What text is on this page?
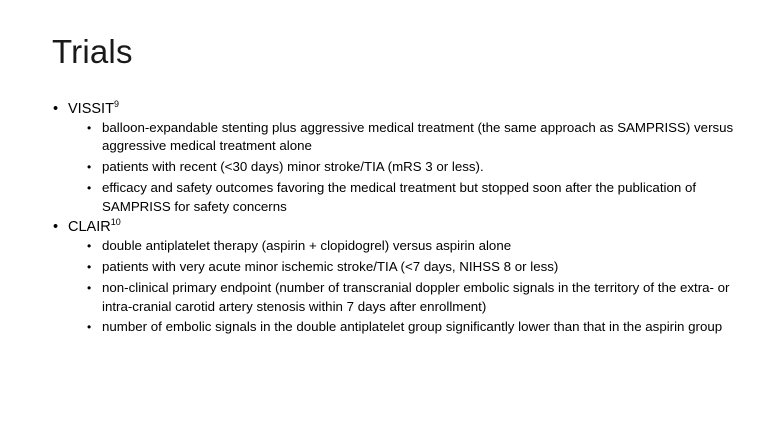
Trials
• VISSIT$^9$
• balloon-expandable stenting plus aggressive medical treatment (the same approach as SAMPRISS) versus aggressive medical treatment alone
• patients with recent (<30 days) minor stroke/TIA (mRS 3 or less).
• efficacy and safety outcomes favoring the medical treatment but stopped soon after the publication of SAMPRISS for safety concerns
• CLAIR$^{10}$
• double antiplatelet therapy (aspirin + clopidogrel) versus aspirin alone
• patients with very acute minor ischemic stroke/TIA (<7 days, NIHSS 8 or less)
• non-clinical primary endpoint (number of transcranial doppler embolic signals in the territory of the extra- or intra-cranial carotid artery stenosis within 7 days after enrollment)
• number of embolic signals in the double antiplatelet group significantly lower than that in the aspirin group
